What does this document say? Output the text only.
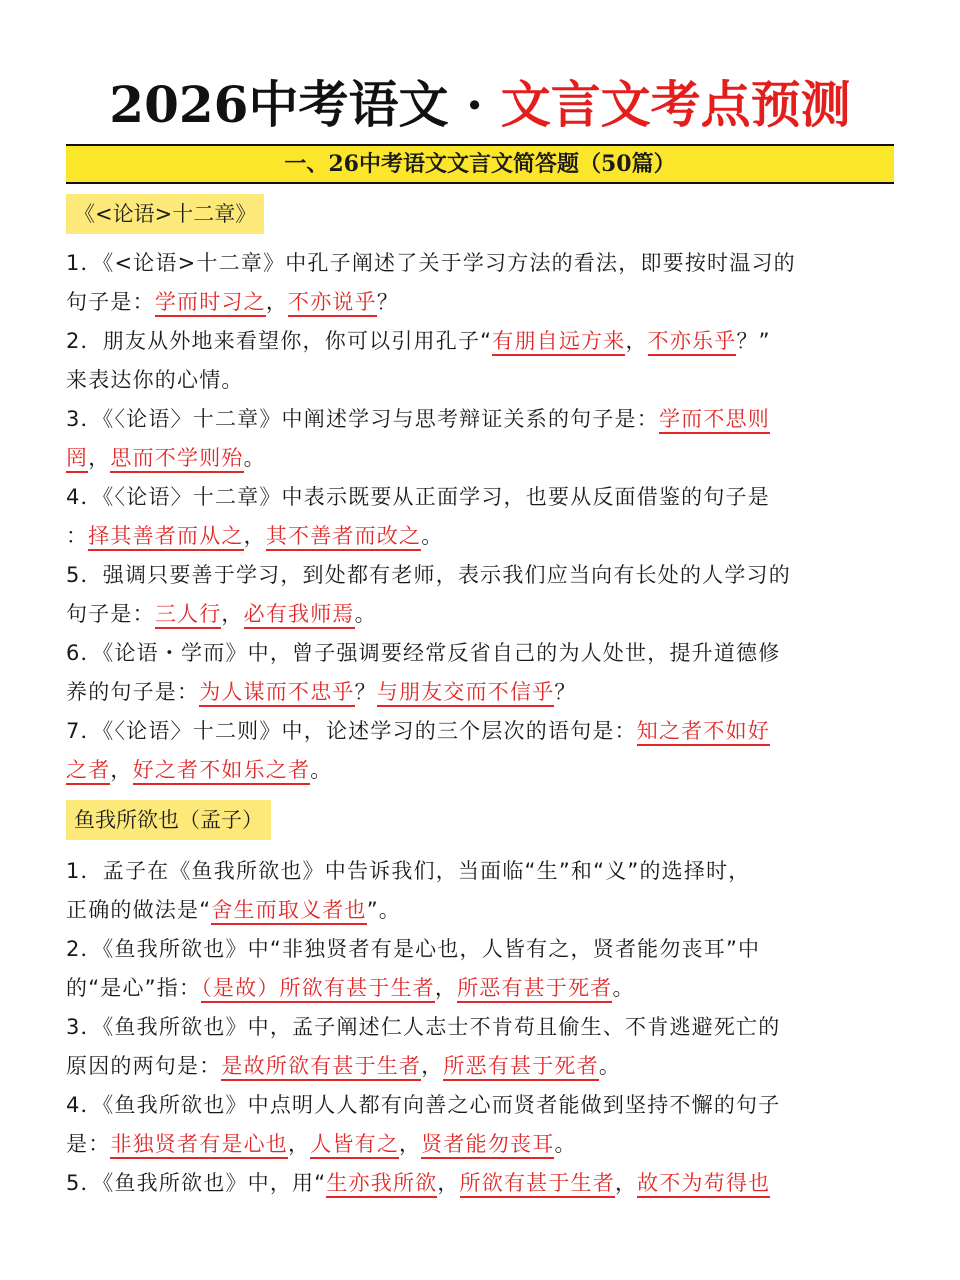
2026中考语文 · 文言文考点预测
一、26中考语文文言文简答题（50篇）
《<论语>十二章》
鱼我所欲也（孟子）
1．《<论语>十二章》中孔子阐述了关于学习方法的看法，即要按时温习的
句子是：学而时习之，不亦说乎？
2．朋友从外地来看望你，你可以引用孔子“有朋自远方来，不亦乐乎？”
来表达你的心情。
3．《〈论语〉十二章》中阐述学习与思考辩证关系的句子是：学而不思则
罔，思而不学则殆。
4．《〈论语〉十二章》中表示既要从正面学习，也要从反面借鉴的句子是
：择其善者而从之，其不善者而改之。
5．强调只要善于学习，到处都有老师，表示我们应当向有长处的人学习的
句子是：三人行，必有我师焉。
6．《论语・学而》中，曾子强调要经常反省自己的为人处世，提升道德修
养的句子是：为人谋而不忠乎？与朋友交而不信乎？
7．《〈论语〉十二则》中，论述学习的三个层次的语句是：知之者不如好
之者，好之者不如乐之者。
1．孟子在《鱼我所欲也》中告诉我们，当面临“生”和“义”的选择时，
正确的做法是“舍生而取义者也”。
2．《鱼我所欲也》中“非独贤者有是心也，人皆有之，贤者能勿丧耳”中
的“是心”指：（是故）所欲有甚于生者，所恶有甚于死者。
3．《鱼我所欲也》中，孟子阐述仁人志士不肯苟且偷生、不肯逃避死亡的
原因的两句是：是故所欲有甚于生者，所恶有甚于死者。
4．《鱼我所欲也》中点明人人都有向善之心而贤者能做到坚持不懈的句子
是：非独贤者有是心也，人皆有之，贤者能勿丧耳。
5．《鱼我所欲也》中，用“生亦我所欲，所欲有甚于生者，故不为苟得也
